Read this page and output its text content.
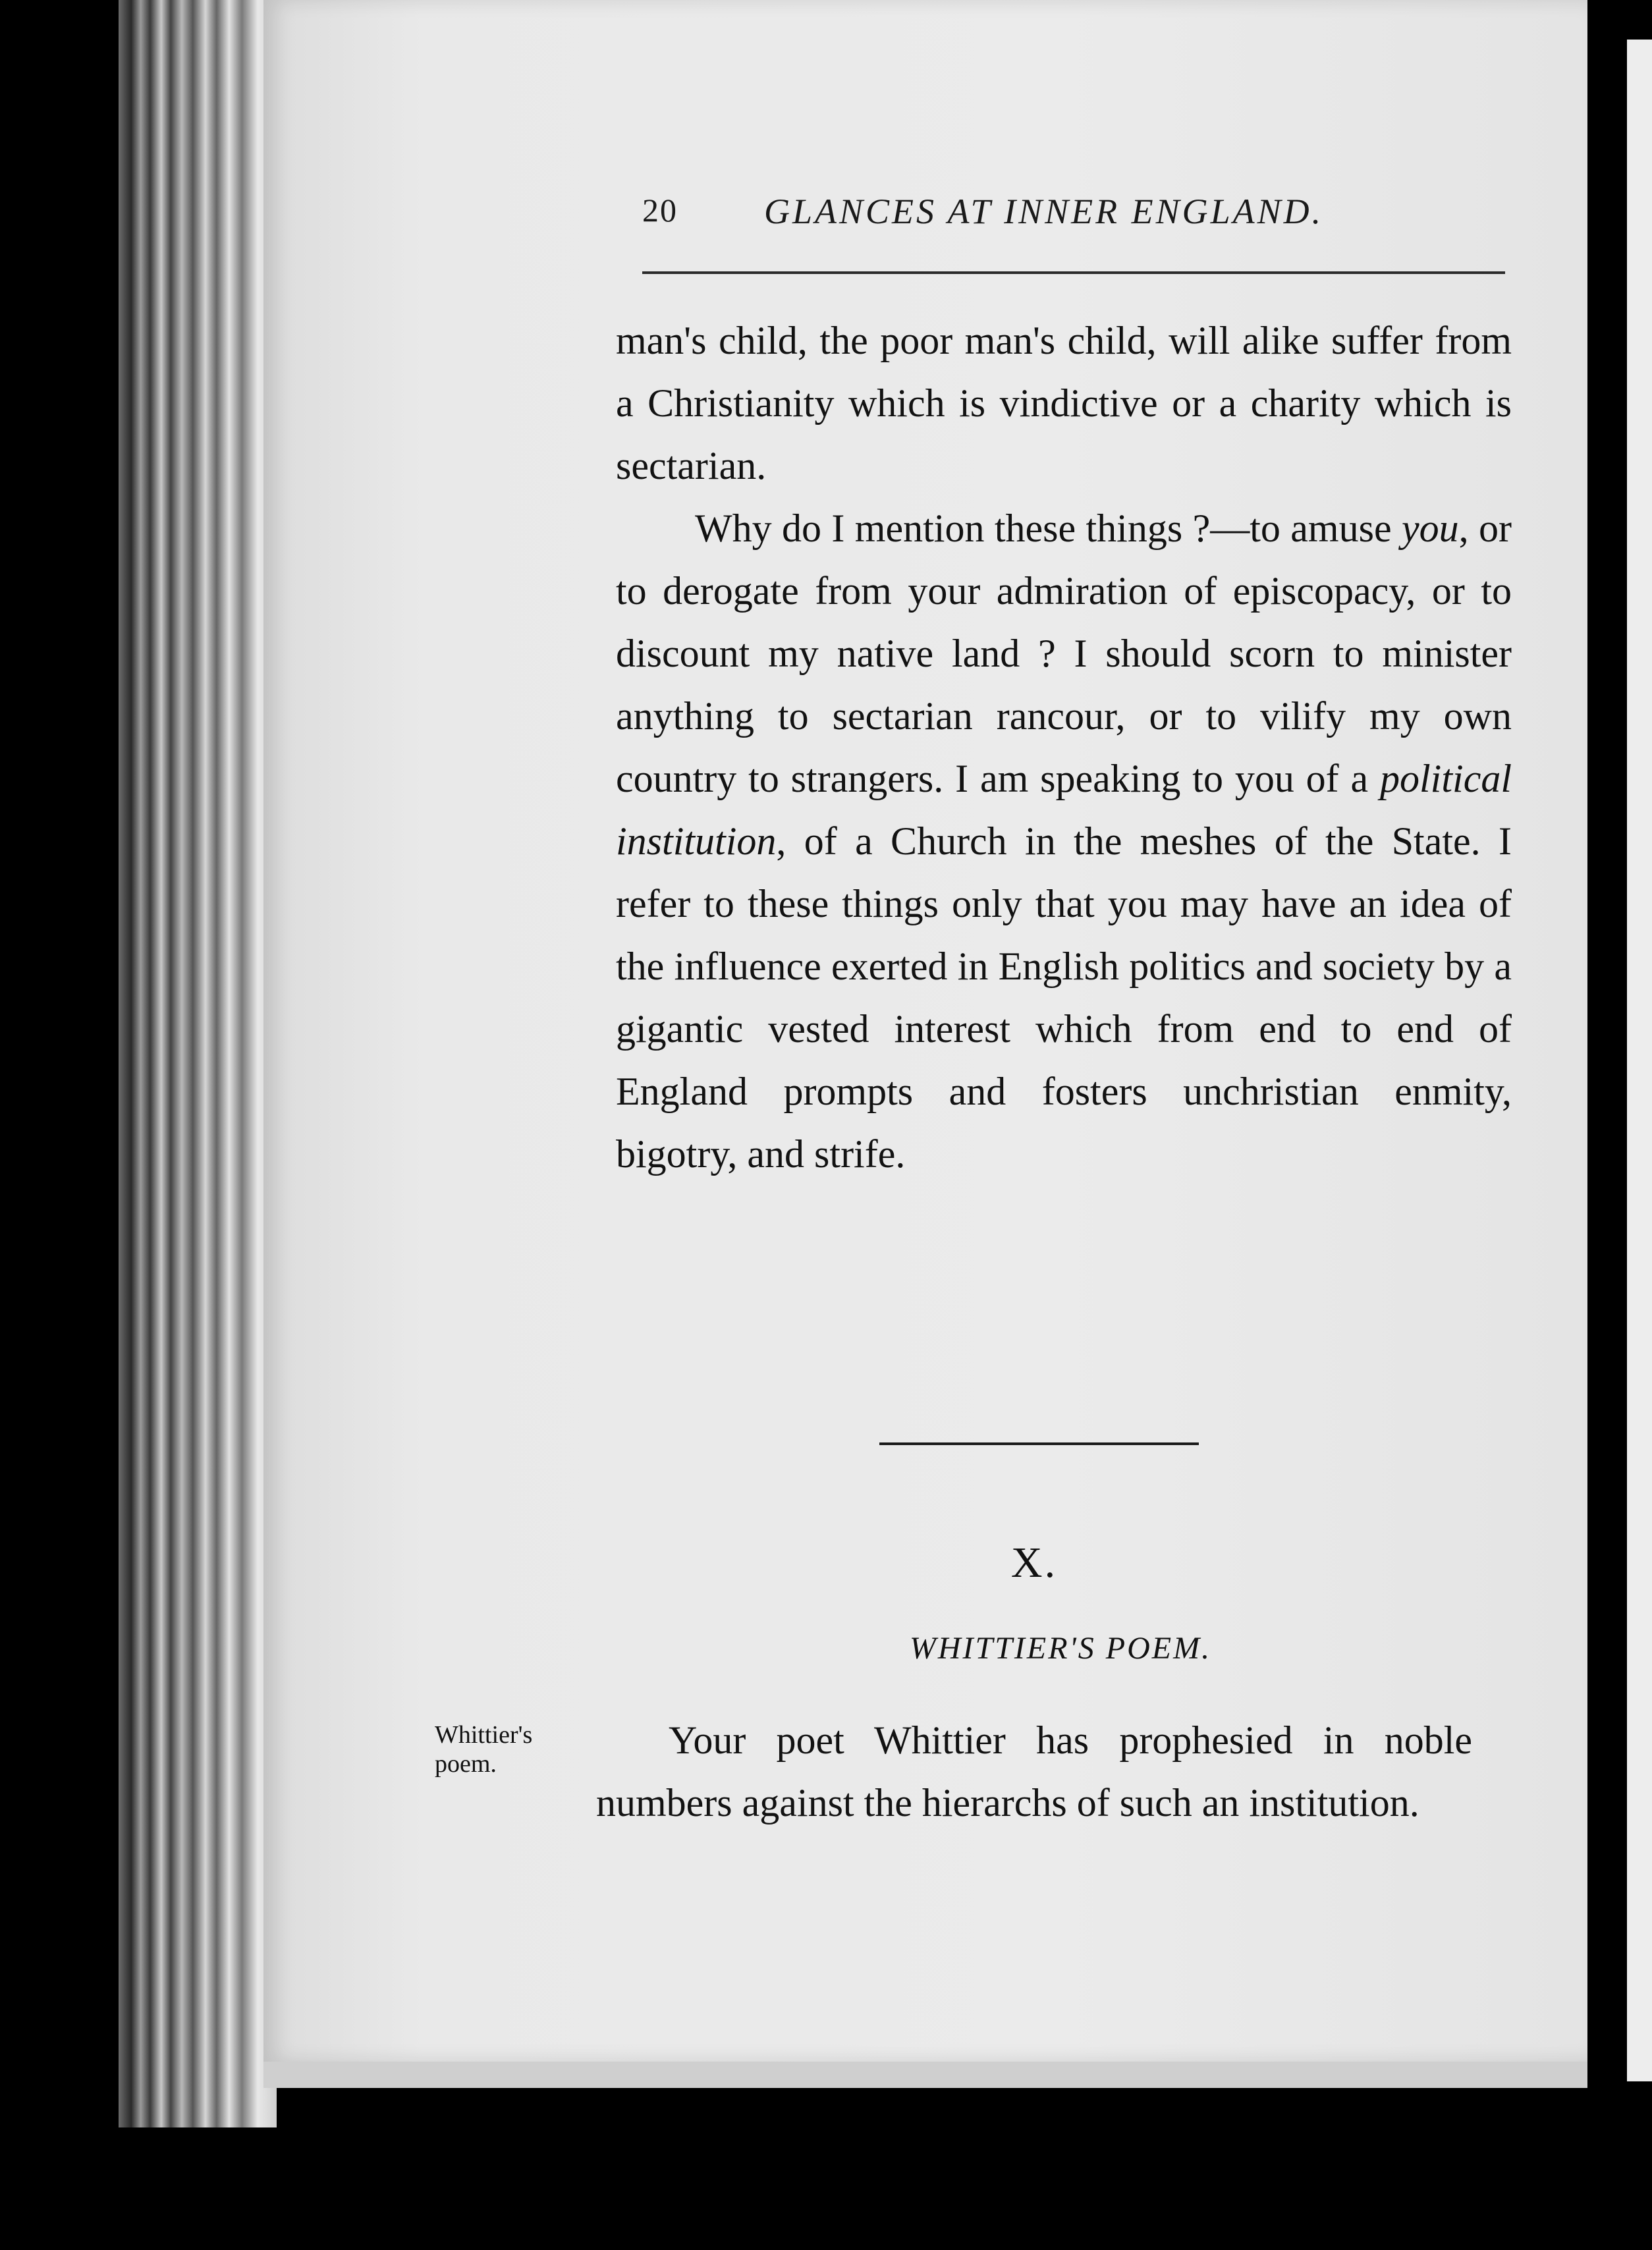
20 GLANCES AT INNER ENGLAND.

man's child, the poor man's child, will alike suffer from a Christianity which is vindictive or a charity which is sectarian.

Why do I mention these things ?—to amuse you, or to derogate from your admiration of episcopacy, or to discount my native land ? I should scorn to minister anything to sectarian rancour, or to vilify my own country to strangers. I am speaking to you of a political institution, of a Church in the meshes of the State. I refer to these things only that you may have an idea of the influence exerted in English politics and society by a gigantic vested interest which from end to end of England prompts and fosters unchristian enmity, bigotry, and strife.

X.
WHITTIER'S POEM.
Whittier's poem.

Your poet Whittier has prophesied in noble numbers against the hierarchs of such an institution.
